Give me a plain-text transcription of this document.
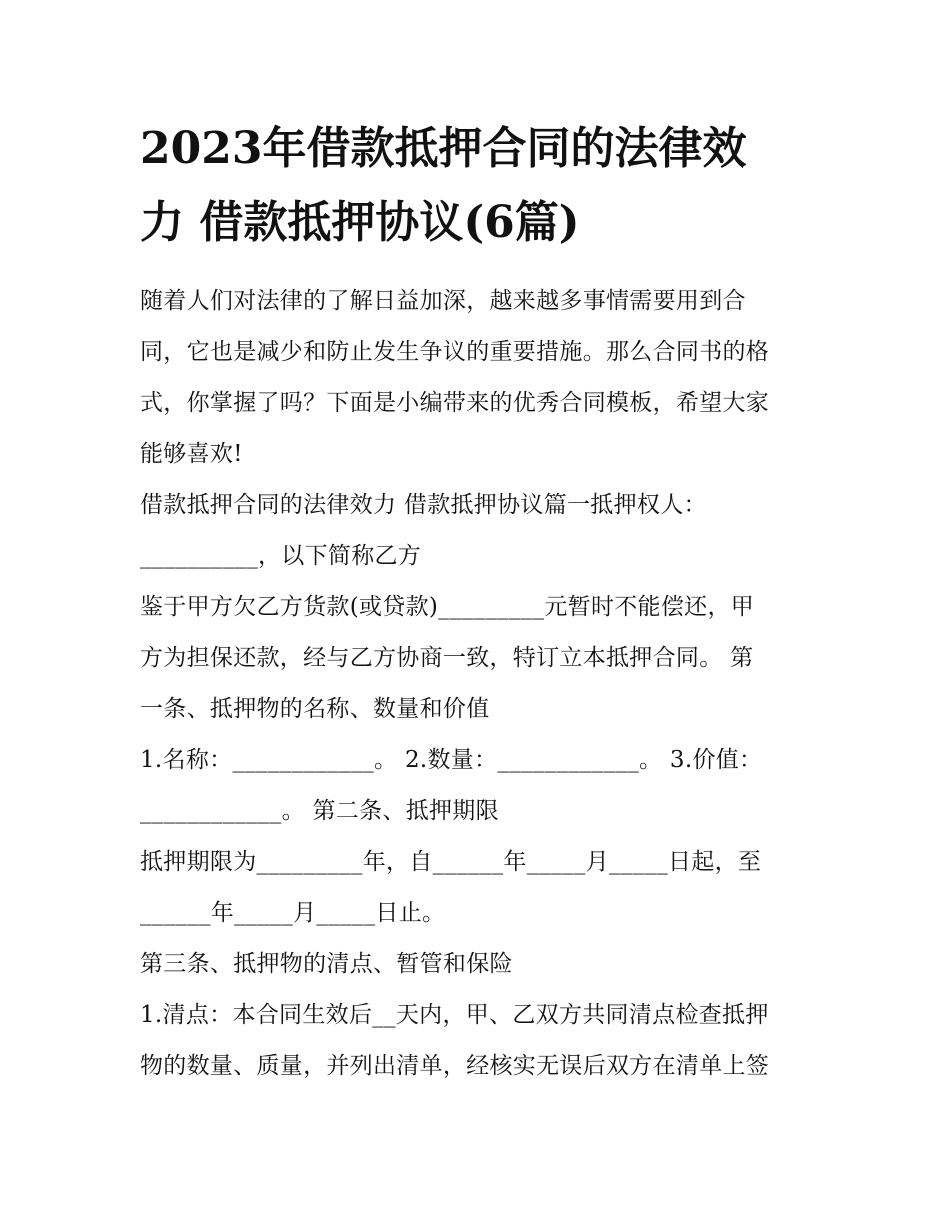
2023年借款抵押合同的法律效
力 借款抵押协议(6篇)
随着人们对法律的了解日益加深，越来越多事情需要用到合
同，它也是减少和防止发生争议的重要措施。那么合同书的格
式，你掌握了吗？下面是小编带来的优秀合同模板，希望大家
能够喜欢!
借款抵押合同的法律效力 借款抵押协议篇一抵押权人：
__________，以下简称乙方
鉴于甲方欠乙方货款(或贷款)_________元暂时不能偿还，甲
方为担保还款，经与乙方协商一致，特订立本抵押合同。 第
一条、抵押物的名称、数量和价值
1.名称：____________。 2.数量：____________。 3.价值：
____________。 第二条、抵押期限
抵押期限为_________年，自______年_____月_____日起，至
______年_____月_____日止。
第三条、抵押物的清点、暂管和保险
1.清点：本合同生效后__天内，甲、乙双方共同清点检查抵押
物的数量、质量，并列出清单，经核实无误后双方在清单上签
